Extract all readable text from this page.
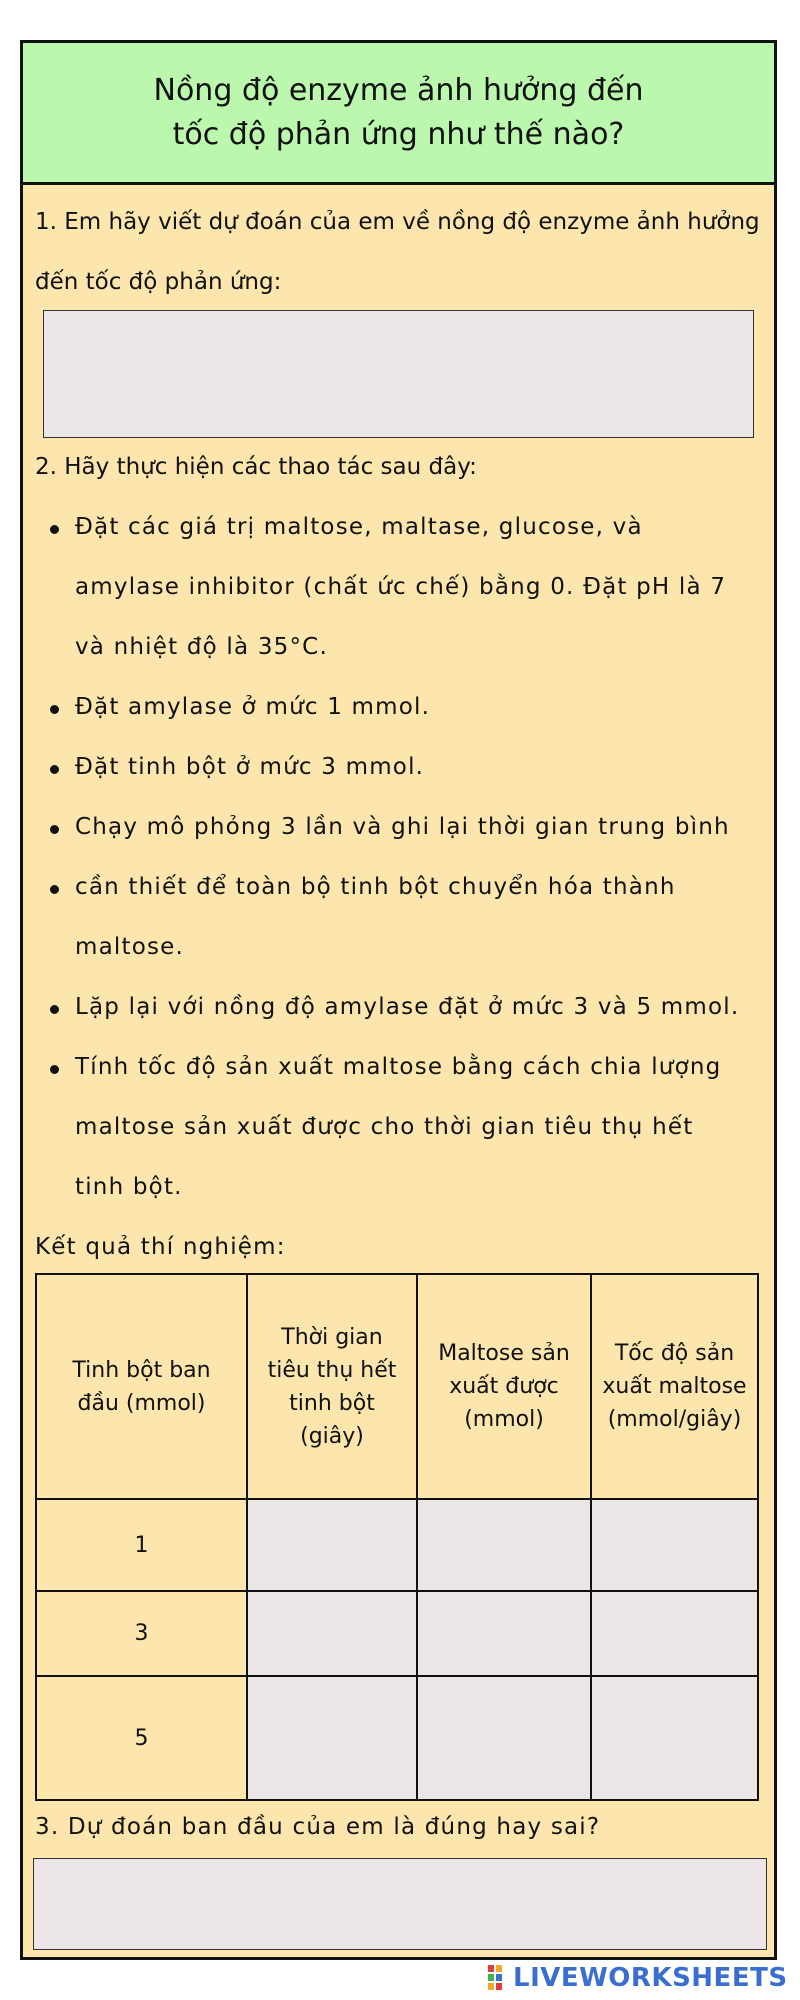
Nồng độ enzyme ảnh hưởng đến
tốc độ phản ứng như thế nào?
1. Em hãy viết dự đoán của em về nồng độ enzyme ảnh hưởng
đến tốc độ phản ứng:
2. Hãy thực hiện các thao tác sau đây:
Đặt các giá trị maltose, maltase, glucose, và
amylase inhibitor (chất ức chế) bằng 0. Đặt pH là 7
và nhiệt độ là 35°C.
Đặt amylase ở mức 1 mmol.
Đặt tinh bột ở mức 3 mmol.
Chạy mô phỏng 3 lần và ghi lại thời gian trung bình
cần thiết để toàn bộ tinh bột chuyển hóa thành
maltose.
Lặp lại với nồng độ amylase đặt ở mức 3 và 5 mmol.
Tính tốc độ sản xuất maltose bằng cách chia lượng
maltose sản xuất được cho thời gian tiêu thụ hết
tinh bột.
Kết quả thí nghiệm:
Tinh bột ban
đầu (mmol)
Thời gian
tiêu thụ hết
tinh bột
(giây)
Maltose sản
xuất được
(mmol)
Tốc độ sản
xuất maltose
(mmol/giây)
1
3
5
3. Dự đoán ban đầu của em là đúng hay sai?
LIVEWORKSHEETS
